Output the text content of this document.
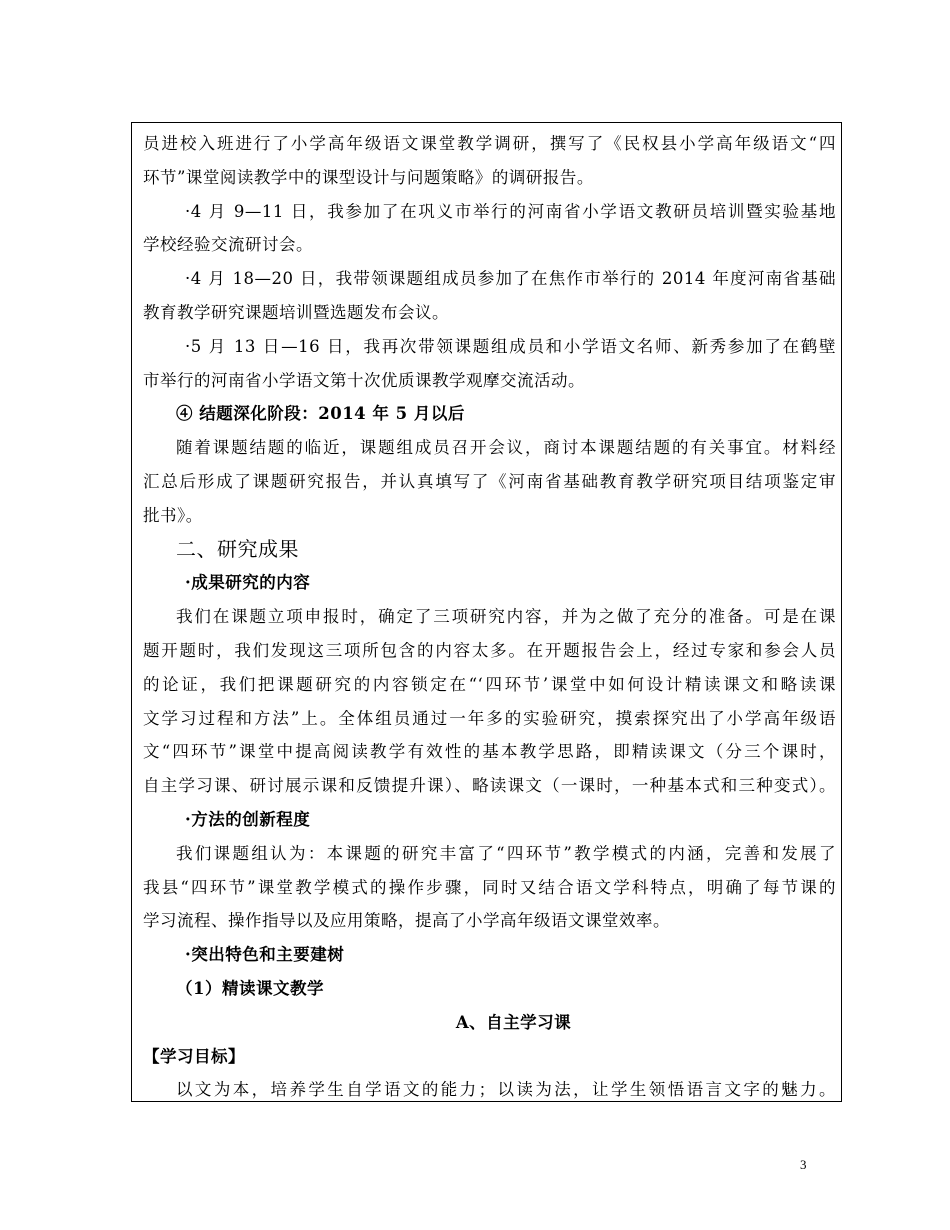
员进校入班进行了小学高年级语文课堂教学调研，撰写了《民权县小学高年级语文“四
环节”课堂阅读教学中的课型设计与问题策略》的调研报告。
·4 月 9—11 日，我参加了在巩义市举行的河南省小学语文教研员培训暨实验基地
学校经验交流研讨会。
·4 月 18—20 日，我带领课题组成员参加了在焦作市举行的 2014 年度河南省基础
教育教学研究课题培训暨选题发布会议。
·5 月 13 日—16 日，我再次带领课题组成员和小学语文名师、新秀参加了在鹤壁
市举行的河南省小学语文第十次优质课教学观摩交流活动。
④ 结题深化阶段：2014 年 5 月以后
随着课题结题的临近，课题组成员召开会议，商讨本课题结题的有关事宜。材料经
汇总后形成了课题研究报告，并认真填写了《河南省基础教育教学研究项目结项鉴定审
批书》。
二、研究成果
·成果研究的内容
我们在课题立项申报时，确定了三项研究内容，并为之做了充分的准备。可是在课
题开题时，我们发现这三项所包含的内容太多。在开题报告会上，经过专家和参会人员
的论证，我们把课题研究的内容锁定在“‘四环节’课堂中如何设计精读课文和略读课
文学习过程和方法”上。全体组员通过一年多的实验研究，摸索探究出了小学高年级语
文“四环节”课堂中提高阅读教学有效性的基本教学思路，即精读课文（分三个课时，
自主学习课、研讨展示课和反馈提升课）、略读课文（一课时，一种基本式和三种变式）。
·方法的创新程度
我们课题组认为：本课题的研究丰富了“四环节”教学模式的内涵，完善和发展了
我县“四环节”课堂教学模式的操作步骤，同时又结合语文学科特点，明确了每节课的
学习流程、操作指导以及应用策略，提高了小学高年级语文课堂效率。
·突出特色和主要建树
（1）精读课文教学
A、自主学习课
【学习目标】
以文为本，培养学生自学语文的能力；以读为法，让学生领悟语言文字的魅力。
3
